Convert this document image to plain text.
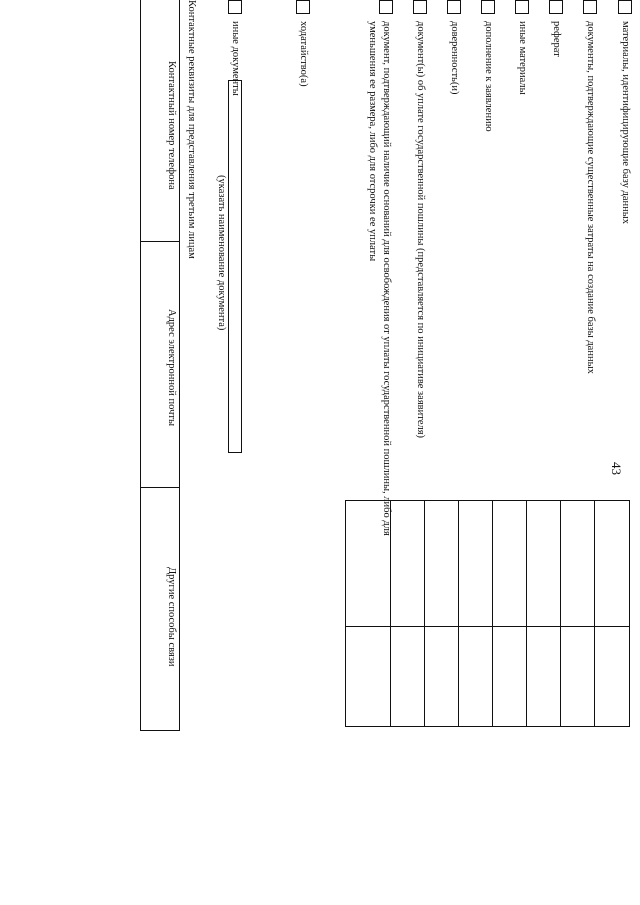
43
материалы, идентифицирующие базу данных
документы, подтверждающие существенные затраты на создание базы данных
реферат
иные материалы
дополнение к заявлению
доверенность(и)
документ(ы) об уплате государственной пошлины (представляется по инициативе заявителя)
документ, подтверждающий наличие оснований для освобождения от уплаты государственной пошлины, либо для уменьшения ее размера, либо для отсрочки ее уплаты
ходатайство(а)
иные документы
(указать наименование документа)
Контактные реквизиты для представления третьим лицам
Контактный номер телефона
Адрес электронной почты
Другие способы связи
